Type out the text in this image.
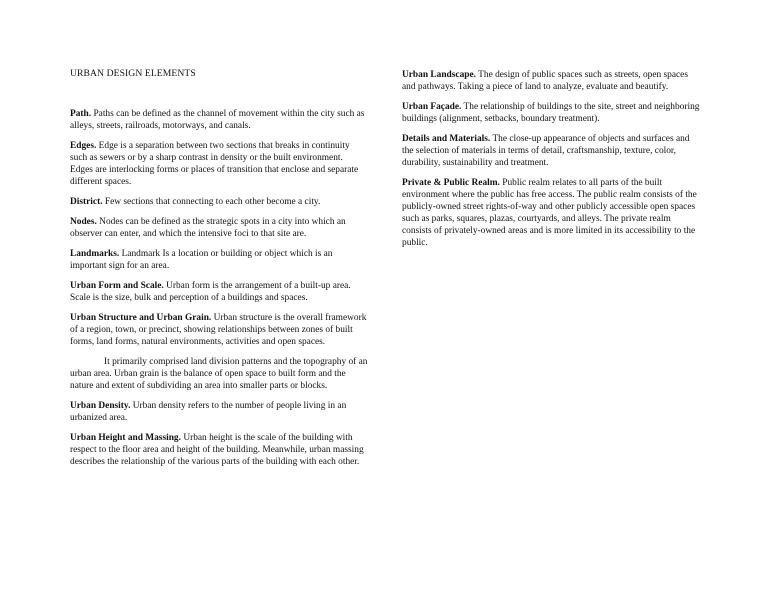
URBAN DESIGN ELEMENTS

Path. Paths can be defined as the channel of movement within the city such as alleys, streets, railroads, motorways, and canals.

Edges. Edge is a separation between two sections that breaks in continuity such as sewers or by a sharp contrast in density or the built environment. Edges are interlocking forms or places of transition that enclose and separate different spaces.

District. Few sections that connecting to each other become a city.

Nodes. Nodes can be defined as the strategic spots in a city into which an observer can enter, and which the intensive foci to that site are.

Landmarks. Landmark Is a location or building or object which is an important sign for an area.

Urban Form and Scale. Urban form is the arrangement of a built-up area. Scale is the size, bulk and perception of a buildings and spaces.

Urban Structure and Urban Grain. Urban structure is the overall framework of a region, town, or precinct, showing relationships between zones of built forms, land forms, natural environments, activities and open spaces.

It primarily comprised land division patterns and the topography of an urban area. Urban grain is the balance of open space to built form and the nature and extent of subdividing an area into smaller parts or blocks.

Urban Density. Urban density refers to the number of people living in an urbanized area.

Urban Height and Massing. Urban height is the scale of the building with respect to the floor area and height of the building. Meanwhile, urban massing describes the relationship of the various parts of the building with each other.

Urban Landscape. The design of public spaces such as streets, open spaces and pathways. Taking a piece of land to analyze, evaluate and beautify.

Urban Façade. The relationship of buildings to the site, street and neighboring buildings (alignment, setbacks, boundary treatment).

Details and Materials. The close-up appearance of objects and surfaces and the selection of materials in terms of detail, craftsmanship, texture, color, durability, sustainability and treatment.

Private & Public Realm. Public realm relates to all parts of the built environment where the public has free access. The public realm consists of the publicly-owned street rights-of-way and other publicly accessible open spaces such as parks, squares, plazas, courtyards, and alleys. The private realm consists of privately-owned areas and is more limited in its accessibility to the public.
